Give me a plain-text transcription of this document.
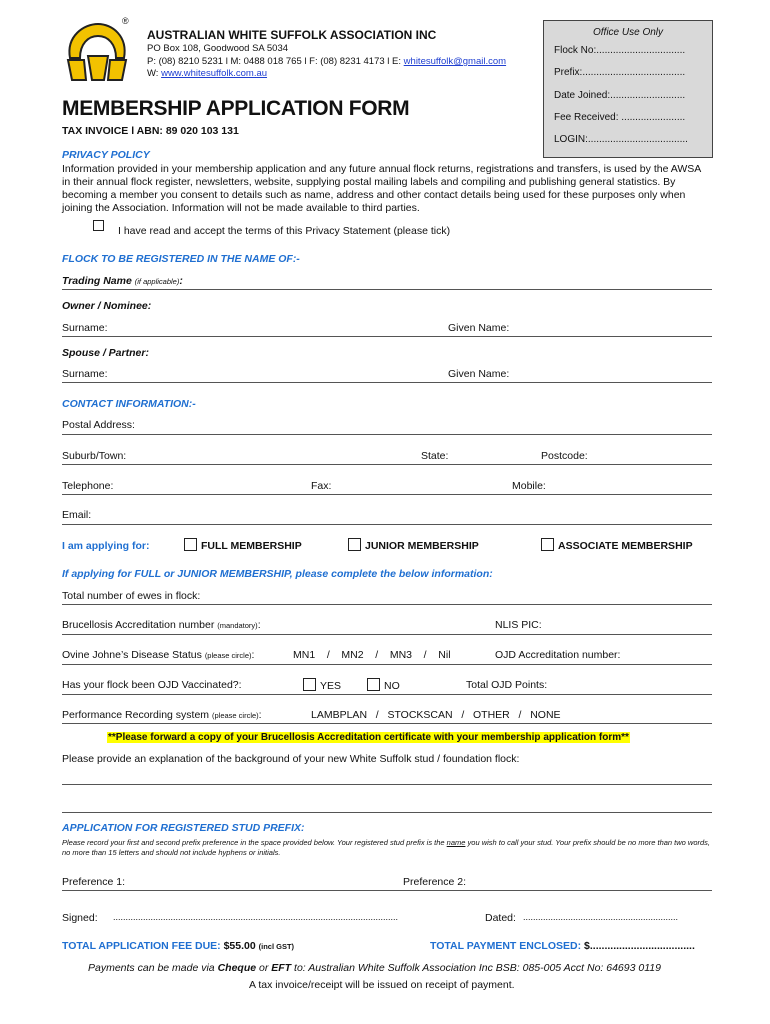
®
AUSTRALIAN WHITE SUFFOLK ASSOCIATION INC
PO Box 108, Goodwood SA 5034
P: (08) 8210 5231 l M: 0488 018 765 l F: (08) 8231 4173 l E: whitesuffolk@gmail.com
W: www.whitesuffolk.com.au
Office Use Only
Flock No:................................
Prefix:.....................................
Date Joined:...........................
Fee Received: .......................
LOGIN:....................................
MEMBERSHIP APPLICATION FORM
TAX INVOICE l ABN: 89 020 103 131
PRIVACY POLICY
Information provided in your membership application and any future annual flock returns, registrations and transfers, is used by the AWSA in their annual flock register, newsletters, website, supplying postal mailing labels and compiling and publishing general statistics. By becoming a member you consent to details such as name, address and other contact details being used for these purposes only when joining the Association. Information will not be made available to third parties.
I have read and accept the terms of this Privacy Statement (please tick)
FLOCK TO BE REGISTERED IN THE NAME OF:-
Trading Name (if applicable):
Owner / Nominee:
Surname:	Given Name:
Spouse / Partner:
Surname:	Given Name:
CONTACT INFORMATION:-
Postal Address:
Suburb/Town:	State:	Postcode:
Telephone:	Fax:	Mobile:
Email:
I am applying for:	FULL MEMBERSHIP	JUNIOR MEMBERSHIP	ASSOCIATE MEMBERSHIP
If applying for FULL or JUNIOR MEMBERSHIP, please complete the below information:
Total number of ewes in flock:
Brucellosis Accreditation number (mandatory):	NLIS PIC:
Ovine Johne’s Disease Status (please circle):	MN1    /    MN2    /    MN3    /    Nil	OJD Accreditation number:
Has your flock been OJD Vaccinated?:	YES	NO	Total OJD Points:
Performance Recording system (please circle):	LAMBPLAN   /   STOCKSCAN   /   OTHER   /   NONE
**Please forward a copy of your Brucellosis Accreditation certificate with your membership application form**
Please provide an explanation of the background of your new White Suffolk stud / foundation flock:
APPLICATION FOR REGISTERED STUD PREFIX:
Please record your first and second prefix preference in the space provided below. Your registered stud prefix is the name you wish to call your stud. Your prefix should be no more than two words, no more than 15 letters and should not include hyphens or initials.
Preference 1:	Preference 2:
Signed: ..................................................................................................................	Dated: ..............................................................
TOTAL APPLICATION FEE DUE: $55.00 (incl GST)	TOTAL PAYMENT ENCLOSED: $....................................
Payments can be made via Cheque or EFT to: Australian White Suffolk Association Inc BSB: 085-005 Acct No: 64693 0119
A tax invoice/receipt will be issued on receipt of payment.
